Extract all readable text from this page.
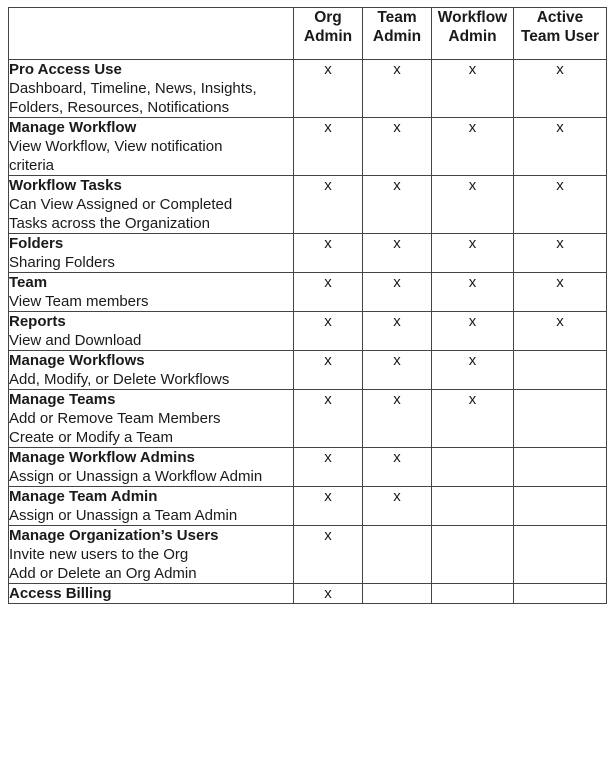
	Org
Admin	Team
Admin	Workflow
Admin	Active
Team User

Pro Access Use
Dashboard, Timeline, News, Insights,
Folders, Resources, Notifications	x	x	x	x

Manage Workflow
View Workflow, View notification
criteria	x	x	x	x

Workflow Tasks
Can View Assigned or Completed
Tasks across the Organization	x	x	x	x

Folders
Sharing Folders	x	x	x	x

Team
View Team members	x	x	x	x

Reports
View and Download	x	x	x	x

Manage Workflows
Add, Modify, or Delete Workflows	x	x	x	

Manage Teams
Add or Remove Team Members
Create or Modify a Team	x	x	x	

Manage Workflow Admins
Assign or Unassign a Workflow Admin	x	x		

Manage Team Admin
Assign or Unassign a Team Admin	x	x		

Manage Organization’s Users
Invite new users to the Org
Add or Delete an Org Admin	x			

Access Billing	x			
